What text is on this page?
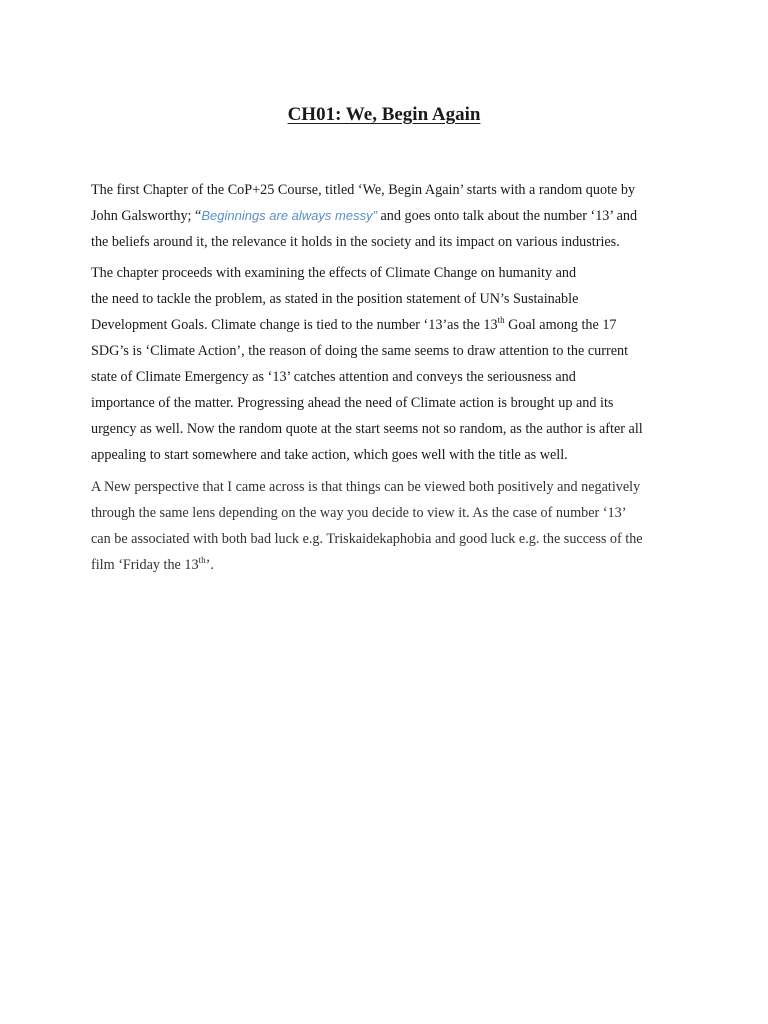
CH01: We, Begin Again

The first Chapter of the CoP+25 Course, titled ‘We, Begin Again’ starts with a random quote by
John Galsworthy; “Beginnings are always messy” and goes onto talk about the number ‘13’ and
the beliefs around it, the relevance it holds in the society and its impact on various industries.

The chapter proceeds with examining the effects of Climate Change on humanity and
the need to tackle the problem, as stated in the position statement of UN’s Sustainable
Development Goals. Climate change is tied to the number ‘13’as the 13th Goal among the 17
SDG’s is ‘Climate Action’, the reason of doing the same seems to draw attention to the current
state of Climate Emergency as ‘13’ catches attention and conveys the seriousness and
importance of the matter. Progressing ahead the need of Climate action is brought up and its
urgency as well. Now the random quote at the start seems not so random, as the author is after all
appealing to start somewhere and take action, which goes well with the title as well.

A New perspective that I came across is that things can be viewed both positively and negatively
through the same lens depending on the way you decide to view it. As the case of number ‘13’
can be associated with both bad luck e.g. Triskaidekaphobia and good luck e.g. the success of the
film ‘Friday the 13th’.
